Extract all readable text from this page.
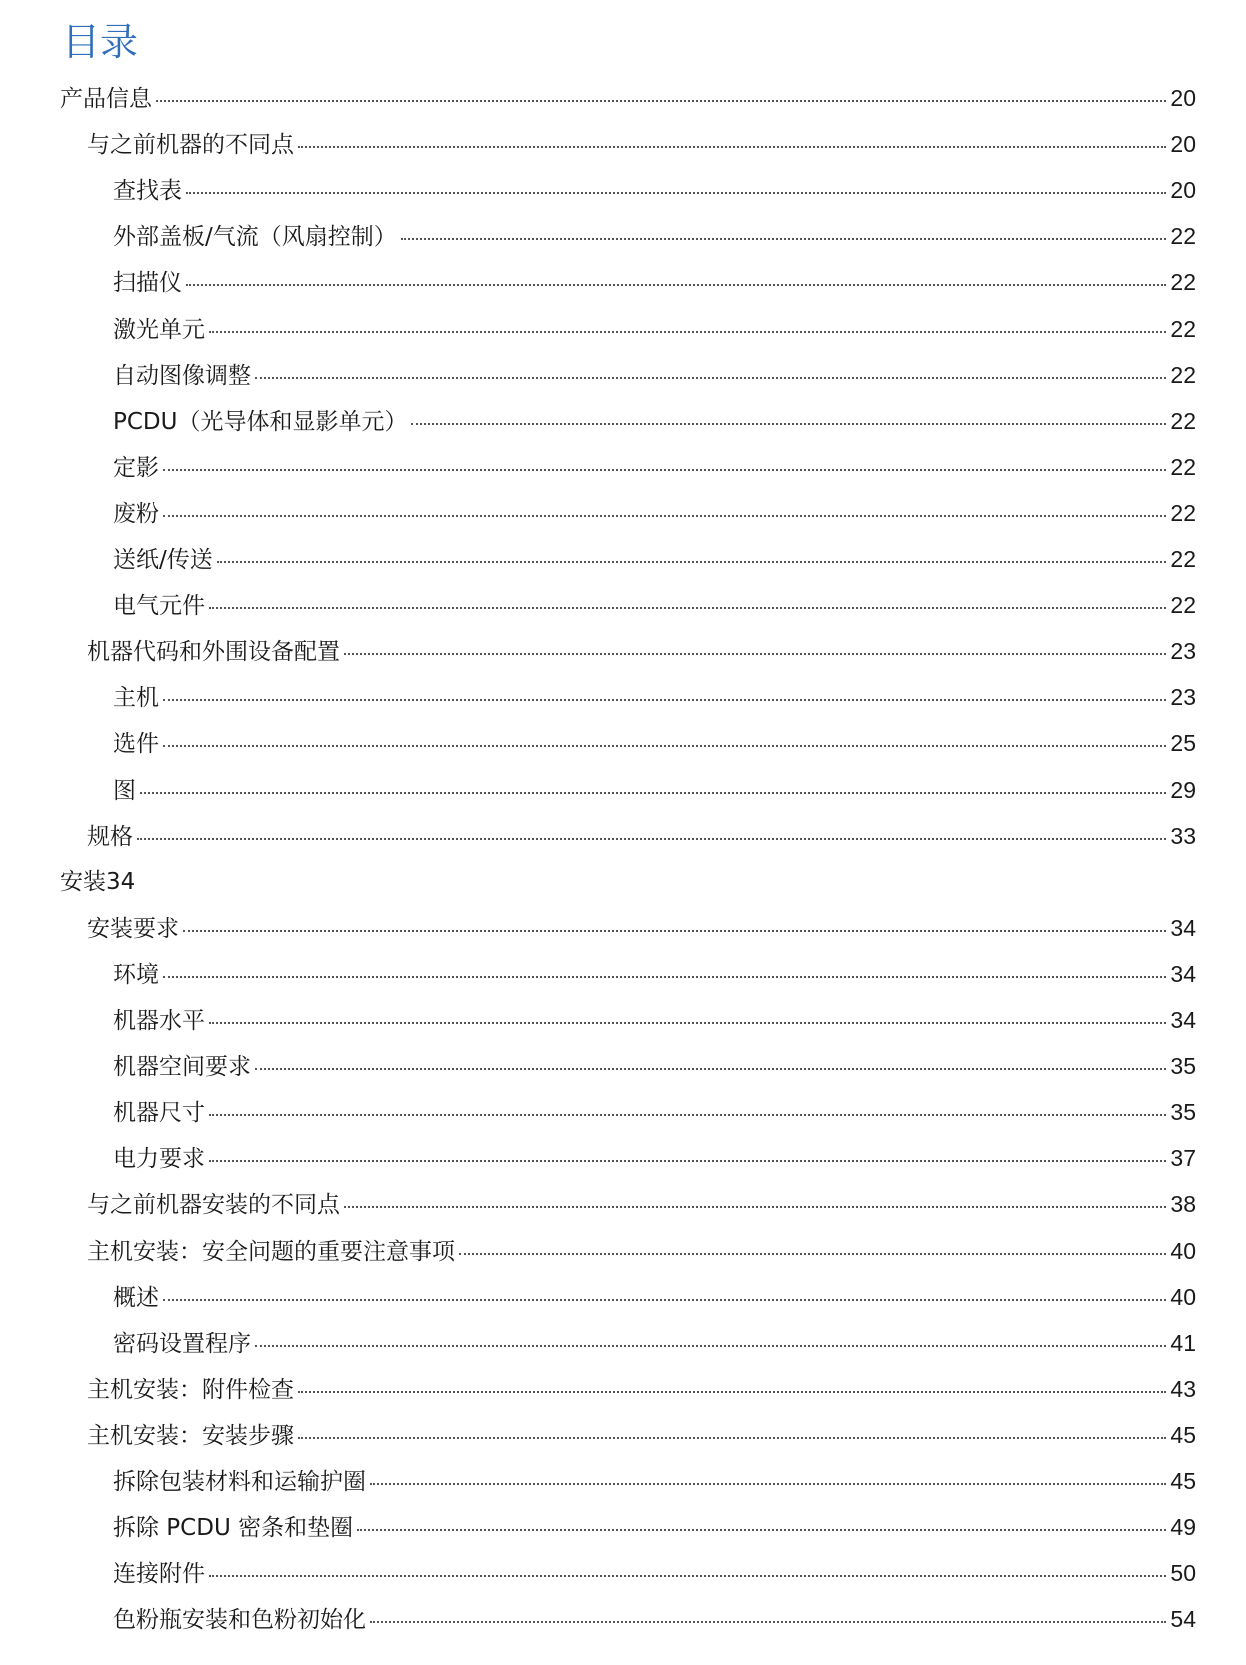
目录
产品信息	20
与之前机器的不同点	20
查找表	20
外部盖板/气流（风扇控制）	22
扫描仪	22
激光单元	22
自动图像调整	22
PCDU（光导体和显影单元）	22
定影	22
废粉	22
送纸/传送	22
电气元件	22
机器代码和外围设备配置	23
主机	23
选件	25
图	29
规格	33
安装34
安装要求	34
环境	34
机器水平	34
机器空间要求	35
机器尺寸	35
电力要求	37
与之前机器安装的不同点	38
主机安装：安全问题的重要注意事项	40
概述	40
密码设置程序	41
主机安装：附件检查	43
主机安装：安装步骤	45
拆除包装材料和运输护圈	45
拆除 PCDU 密条和垫圈	49
连接附件	50
色粉瓶安装和色粉初始化	54
